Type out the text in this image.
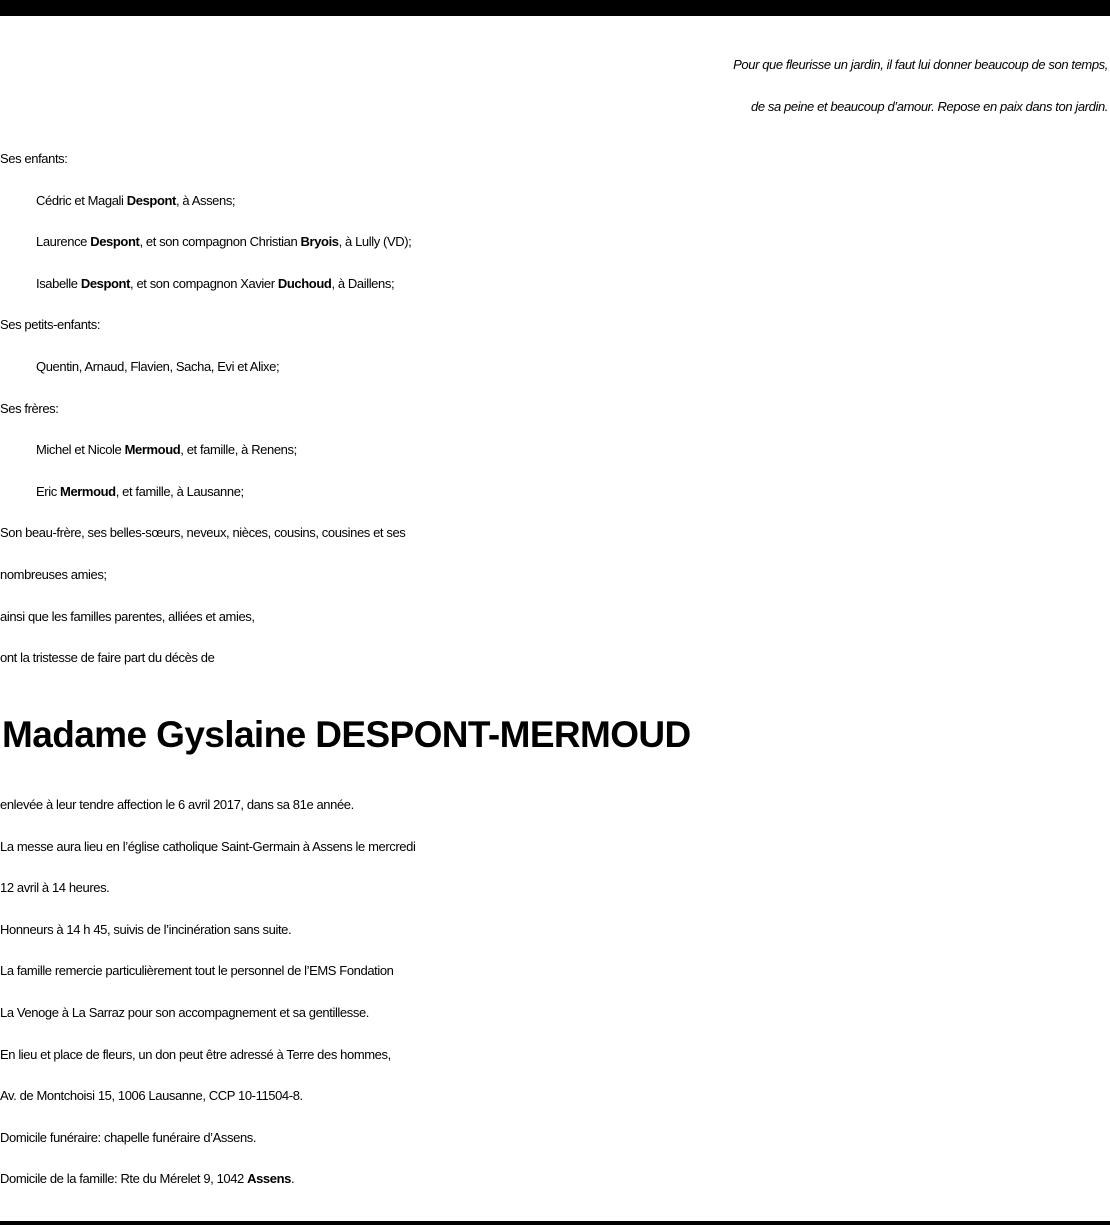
Pour que fleurisse un jardin, il faut lui donner beaucoup de son temps,
de sa peine et beaucoup d’amour. Repose en paix dans ton jardin.
Ses enfants:
Cédric et Magali Despont, à Assens;
Laurence Despont, et son compagnon Christian Bryois, à Lully (VD);
Isabelle Despont, et son compagnon Xavier Duchoud, à Daillens;
Ses petits-enfants:
Quentin, Arnaud, Flavien, Sacha, Evi et Alixe;
Ses frères:
Michel et Nicole Mermoud, et famille, à Renens;
Eric Mermoud, et famille, à Lausanne;
Son beau-frère, ses belles-sœurs, neveux, nièces, cousins, cousines et ses
nombreuses amies;
ainsi que les familles parentes, alliées et amies,
ont la tristesse de faire part du décès de
Madame Gyslaine DESPONT-MERMOUD
enlevée à leur tendre affection le 6 avril 2017, dans sa 81e année.
La messe aura lieu en l’église catholique Saint-Germain à Assens le mercredi
12 avril à 14 heures.
Honneurs à 14 h 45, suivis de l’incinération sans suite.
La famille remercie particulièrement tout le personnel de l’EMS Fondation
La Venoge à La Sarraz pour son accompagnement et sa gentillesse.
En lieu et place de fleurs, un don peut être adressé à Terre des hommes,
Av. de Montchoisi 15, 1006 Lausanne, CCP 10-11504-8.
Domicile funéraire: chapelle funéraire d’Assens.
Domicile de la famille: Rte du Mérelet 9, 1042 Assens.
